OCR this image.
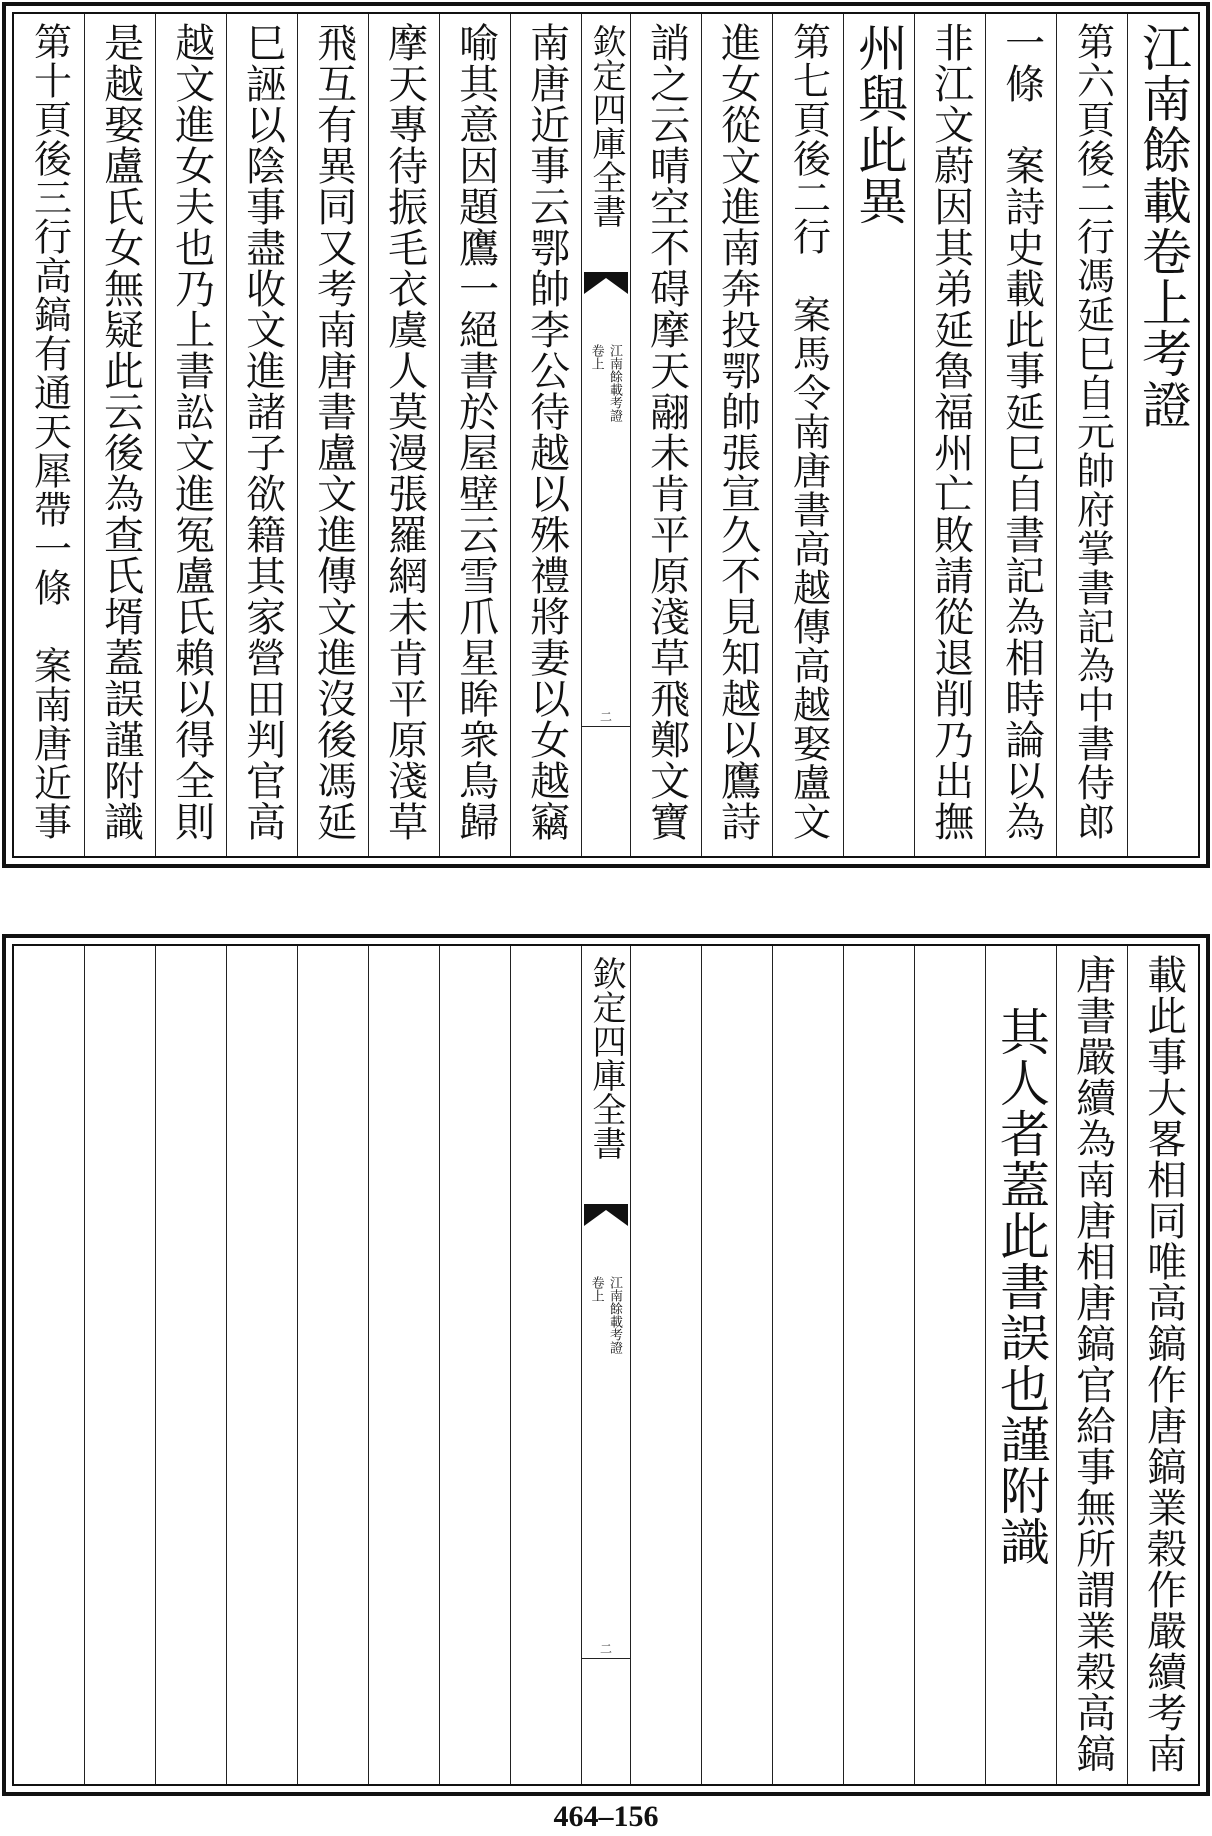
江南餘載卷上考證
第六頁後二行馮延巳自元帥府掌書記為中書侍郎
一條　案詩史載此事延巳自書記為相時論以為
非江文蔚因其弟延魯福州亡敗請從退削乃出撫
州與此異
第七頁後二行　案馬令南唐書高越傳高越娶盧文
進女從文進南奔投鄂帥張宣久不見知越以鷹詩
誚之云晴空不碍摩天翮未肯平原淺草飛鄭文寶
欽定四庫全書
江南餘載考證
卷上
二
南唐近事云鄂帥李公待越以殊禮將妻以女越竊
喻其意因題鷹一絕書於屋壁云雪爪星眸衆鳥歸
摩天專待振毛衣虞人莫漫張羅網未肯平原淺草
飛互有異同又考南唐書盧文進傳文進沒後馮延
巳誣以陰事盡收文進諸子欲籍其家營田判官高
越文進女夫也乃上書訟文進冤盧氏賴以得全則
是越娶盧氏女無疑此云後為查氏壻蓋誤謹附識
第十頁後三行高鎬有通天犀帶一條　案南唐近事
載此事大畧相同唯高鎬作唐鎬業榖作嚴續考南
唐書嚴續為南唐相唐鎬官給事無所謂業榖高鎬
其人者蓋此書誤也謹附識
欽定四庫全書
江南餘載考證
卷上
二
464–156
